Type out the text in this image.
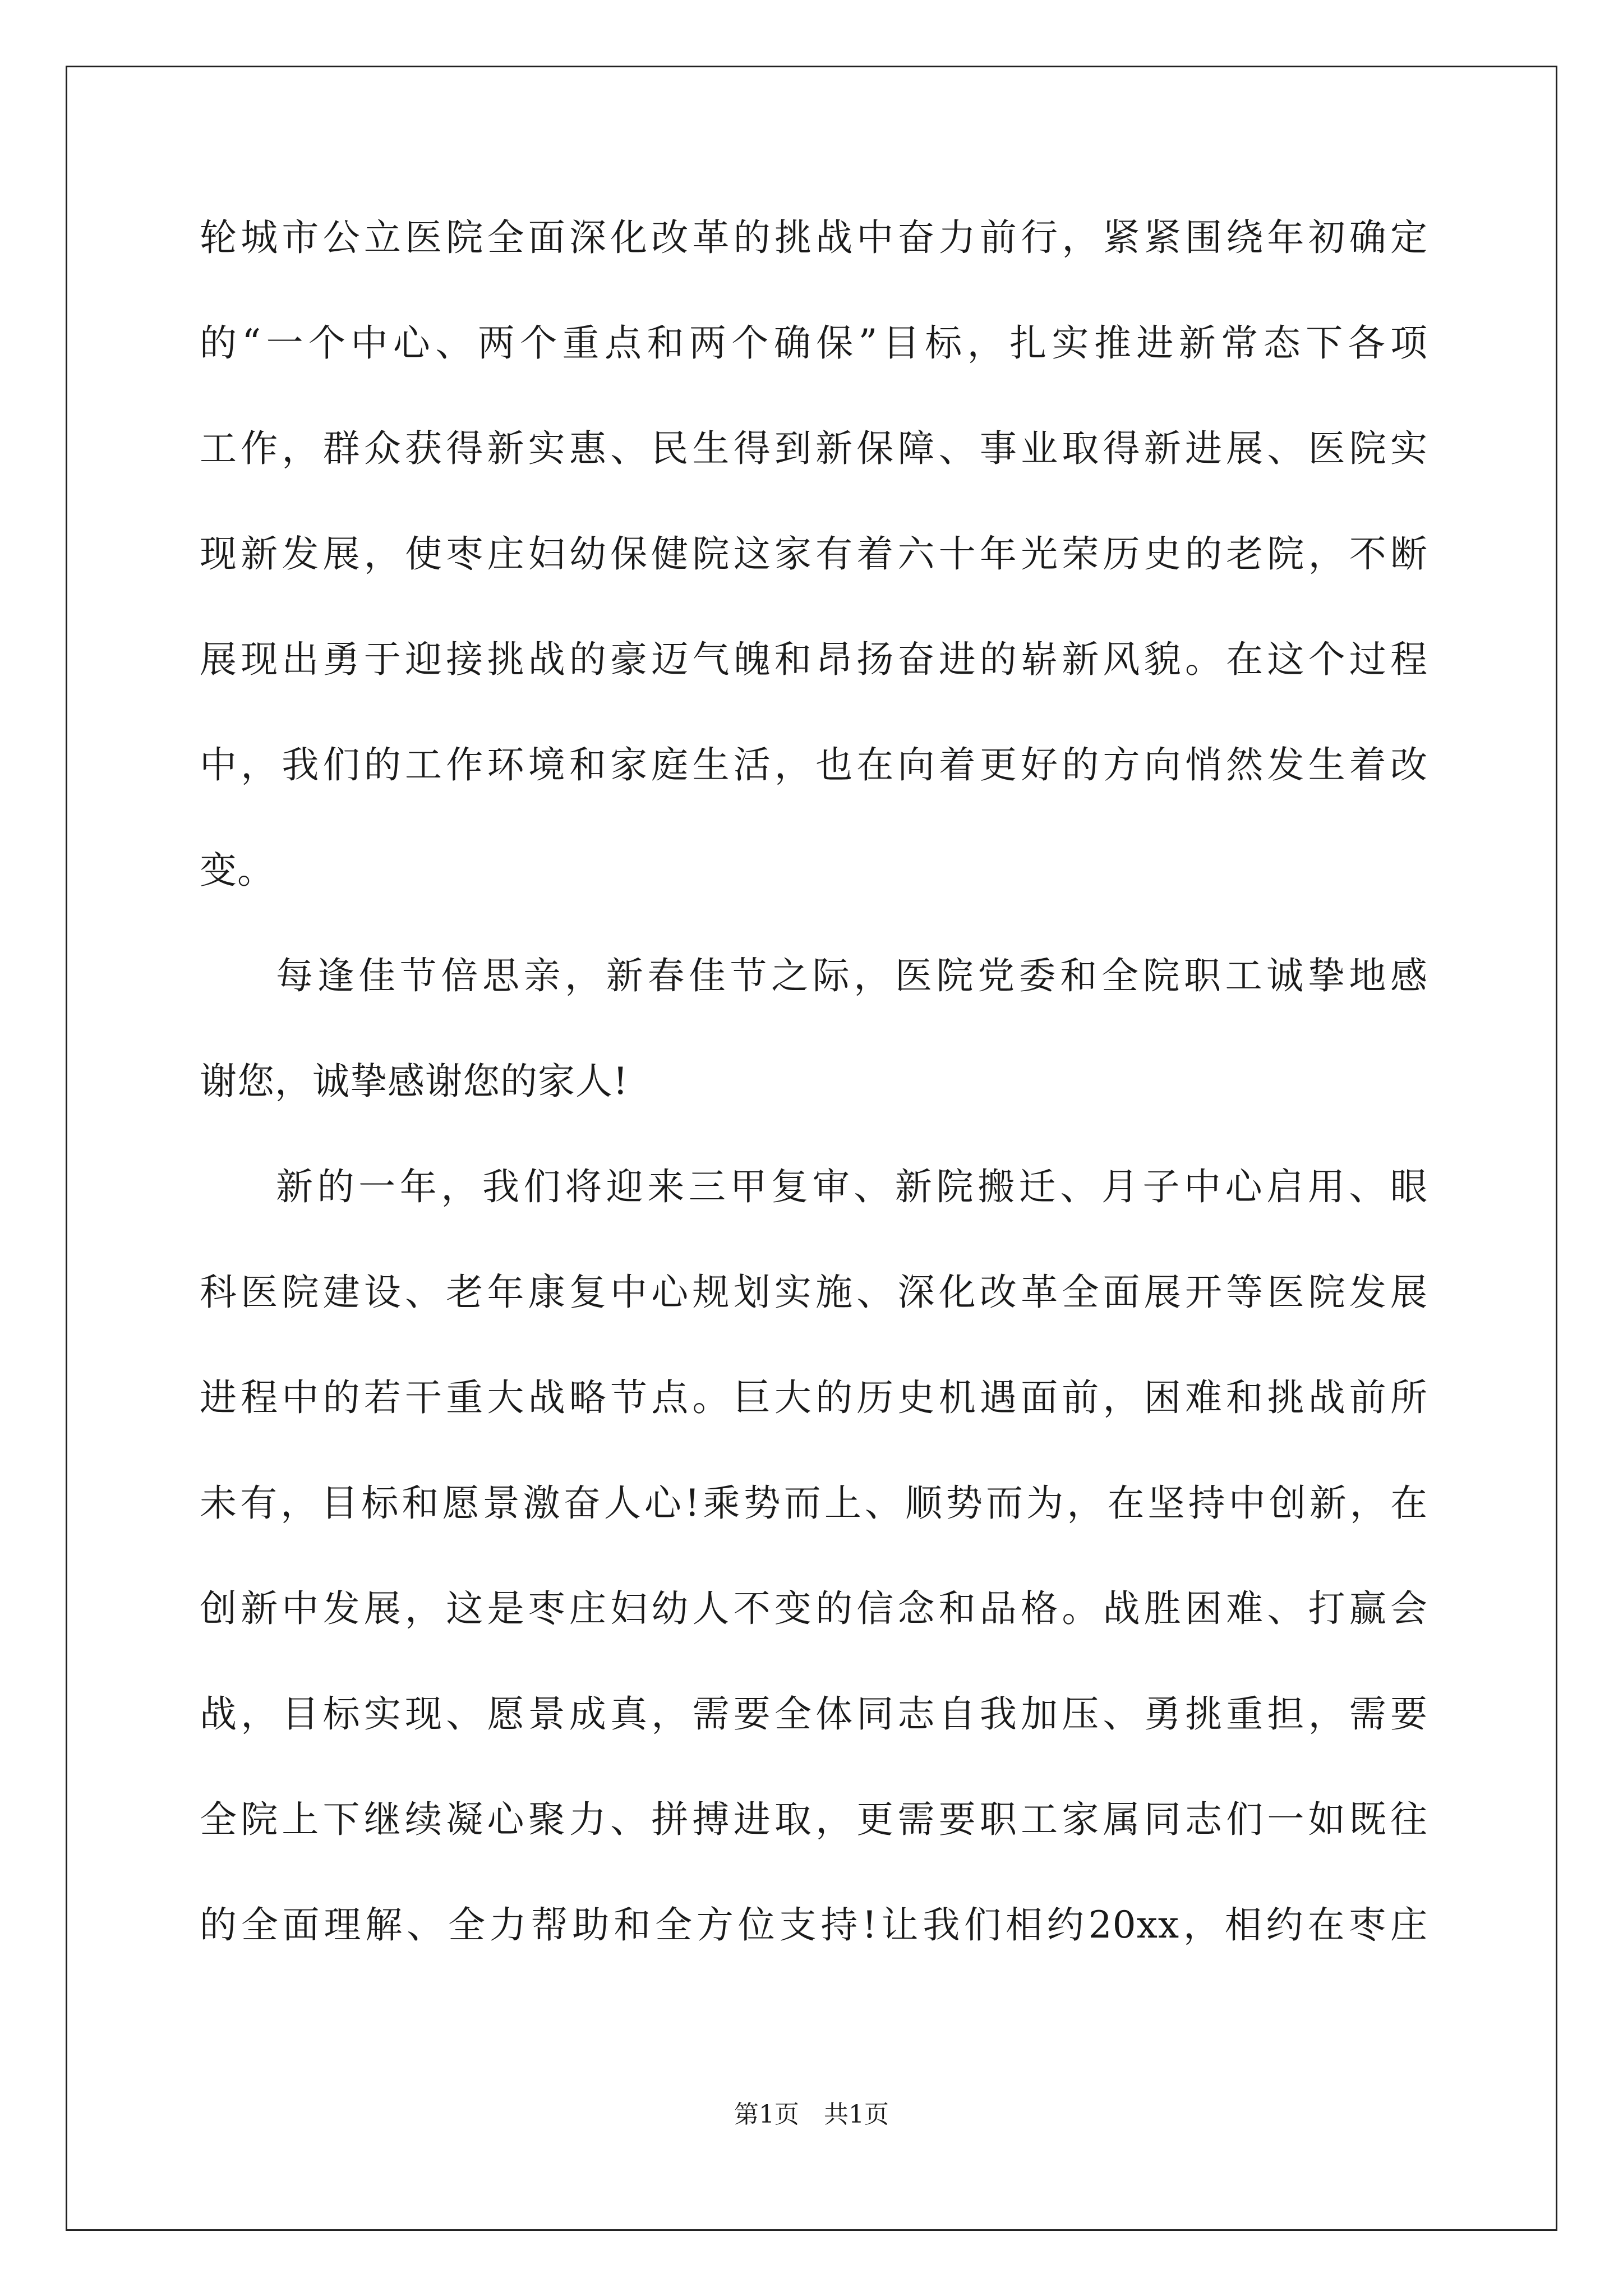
轮城市公立医院全面深化改革的挑战中奋力前行，紧紧围绕年初确定
的“一个中心、两个重点和两个确保”目标，扎实推进新常态下各项
工作，群众获得新实惠、民生得到新保障、事业取得新进展、医院实
现新发展，使枣庄妇幼保健院这家有着六十年光荣历史的老院，不断
展现出勇于迎接挑战的豪迈气魄和昂扬奋进的崭新风貌。在这个过程
中，我们的工作环境和家庭生活，也在向着更好的方向悄然发生着改
变。
每逢佳节倍思亲，新春佳节之际，医院党委和全院职工诚挚地感
谢您，诚挚感谢您的家人!
新的一年，我们将迎来三甲复审、新院搬迁、月子中心启用、眼
科医院建设、老年康复中心规划实施、深化改革全面展开等医院发展
进程中的若干重大战略节点。巨大的历史机遇面前，困难和挑战前所
未有，目标和愿景激奋人心!乘势而上、顺势而为，在坚持中创新，在
创新中发展，这是枣庄妇幼人不变的信念和品格。战胜困难、打赢会
战，目标实现、愿景成真，需要全体同志自我加压、勇挑重担，需要
全院上下继续凝心聚力、拼搏进取，更需要职工家属同志们一如既往
的全面理解、全力帮助和全方位支持!让我们相约20xx，相约在枣庄
第1页 共1页
